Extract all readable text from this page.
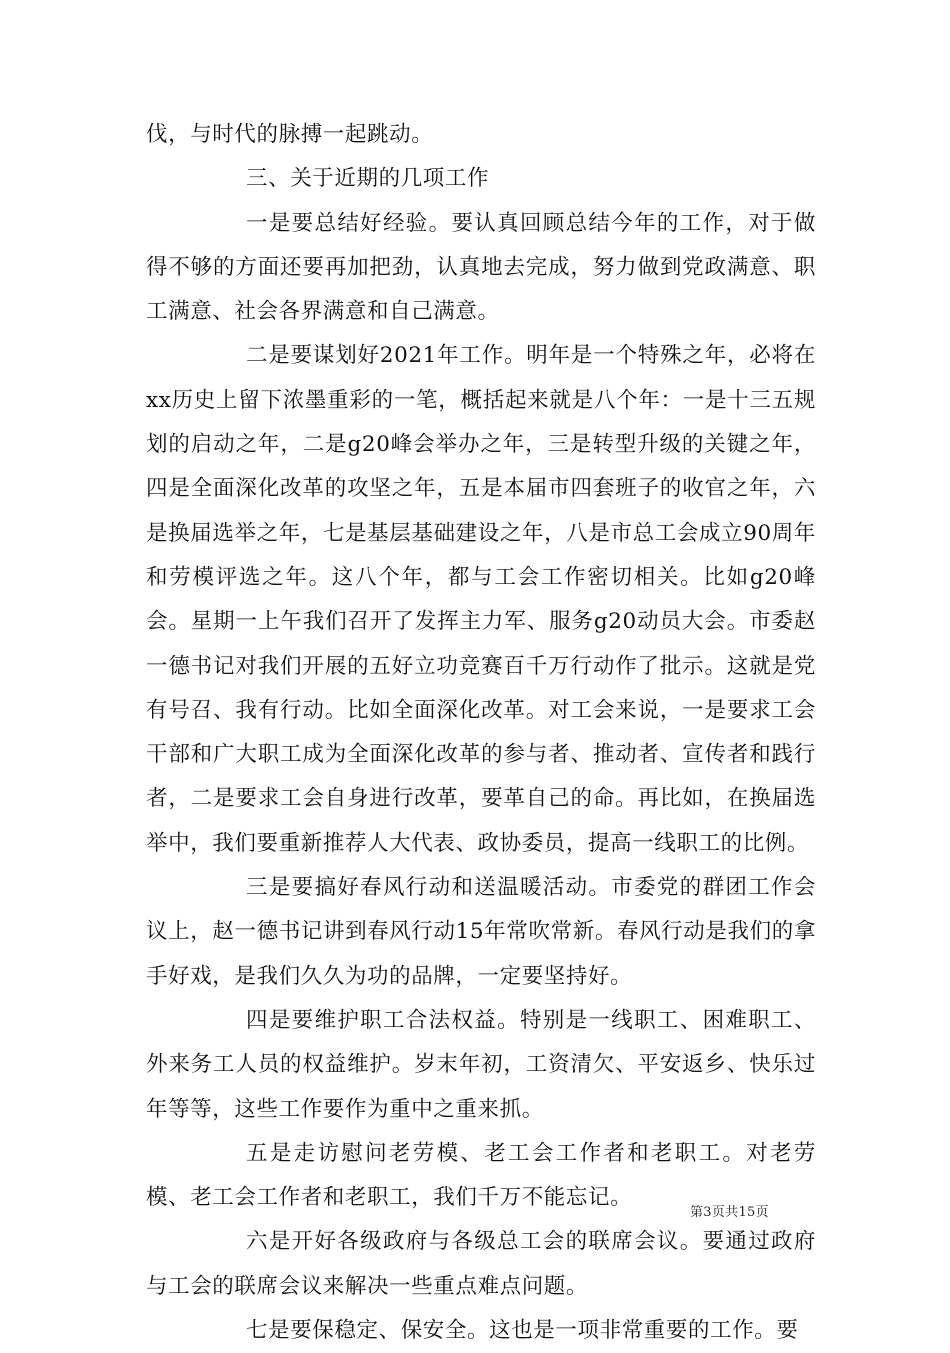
伐，与时代的脉搏一起跳动。

三、关于近期的几项工作

一是要总结好经验。要认真回顾总结今年的工作，对于做得不够的方面还要再加把劲，认真地去完成，努力做到党政满意、职工满意、社会各界满意和自己满意。

二是要谋划好2021年工作。明年是一个特殊之年，必将在xx历史上留下浓墨重彩的一笔，概括起来就是八个年：一是十三五规划的启动之年，二是g20峰会举办之年，三是转型升级的关键之年，四是全面深化改革的攻坚之年，五是本届市四套班子的收官之年，六是换届选举之年，七是基层基础建设之年，八是市总工会成立90周年和劳模评选之年。这八个年，都与工会工作密切相关。比如g20峰会。星期一上午我们召开了发挥主力军、服务g20动员大会。市委赵一德书记对我们开展的五好立功竞赛百千万行动作了批示。这就是党有号召、我有行动。比如全面深化改革。对工会来说，一是要求工会干部和广大职工成为全面深化改革的参与者、推动者、宣传者和践行者，二是要求工会自身进行改革，要革自己的命。再比如，在换届选举中，我们要重新推荐人大代表、政协委员，提高一线职工的比例。

三是要搞好春风行动和送温暖活动。市委党的群团工作会议上，赵一德书记讲到春风行动15年常吹常新。春风行动是我们的拿手好戏，是我们久久为功的品牌，一定要坚持好。

四是要维护职工合法权益。特别是一线职工、困难职工、外来务工人员的权益维护。岁末年初，工资清欠、平安返乡、快乐过年等等，这些工作要作为重中之重来抓。

五是走访慰问老劳模、老工会工作者和老职工。对老劳模、老工会工作者和老职工，我们千万不能忘记。

六是开好各级政府与各级总工会的联席会议。要通过政府与工会的联席会议来解决一些重点难点问题。

七是要保稳定、保安全。这也是一项非常重要的工作。要

第3页共15页
